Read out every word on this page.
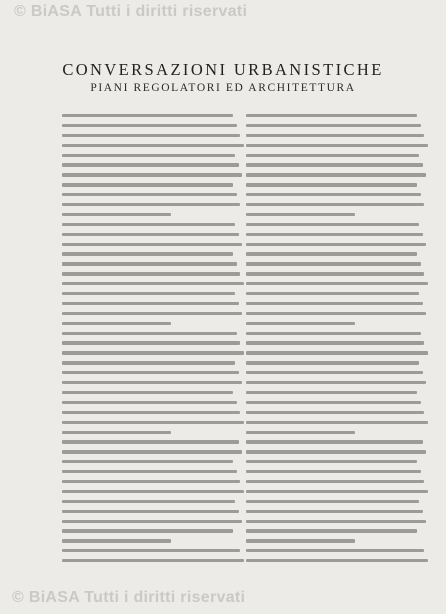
© BiASA Tutti i diritti riservati
CONVERSAZIONI URBANISTICHE
PIANI REGOLATORI ED ARCHITETTURA
© BiASA Tutti i diritti riservati
